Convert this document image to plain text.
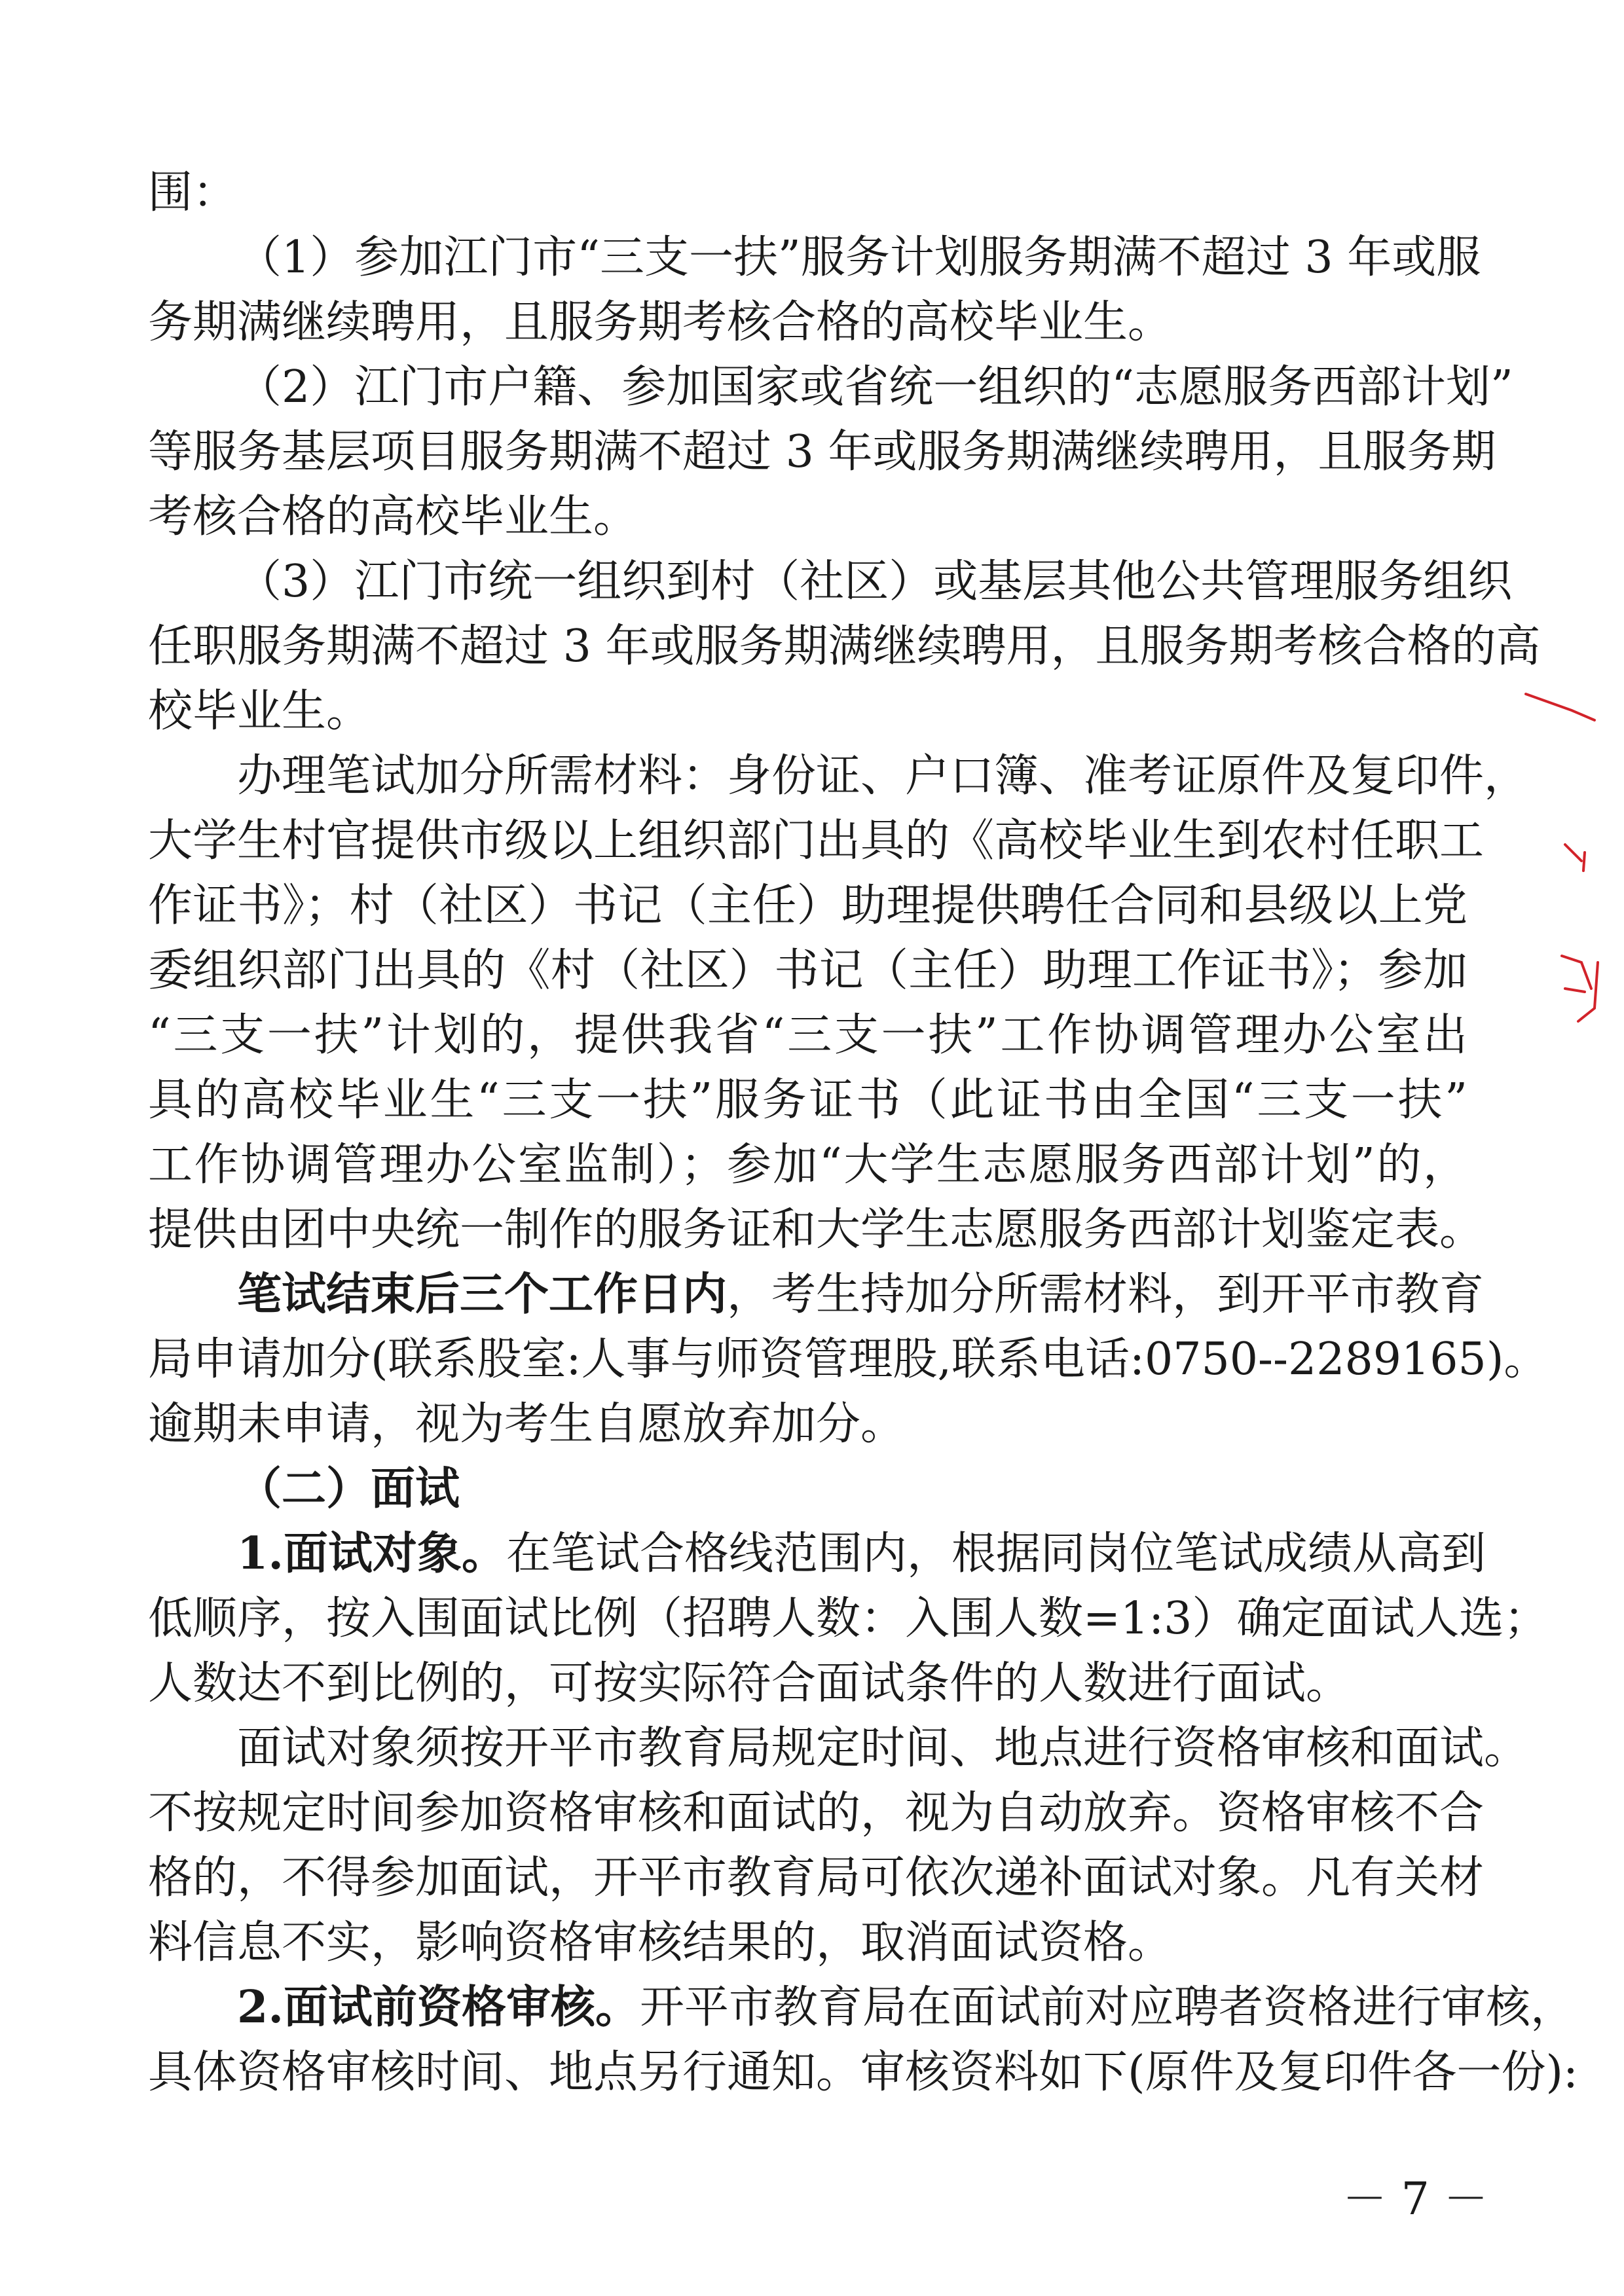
围：
（1）参加江门市“三支一扶”服务计划服务期满不超过 3 年或服
务期满继续聘用，且服务期考核合格的高校毕业生。
（2）江门市户籍、参加国家或省统一组织的“志愿服务西部计划”
等服务基层项目服务期满不超过 3 年或服务期满继续聘用，且服务期
考核合格的高校毕业生。
（3）江门市统一组织到村（社区）或基层其他公共管理服务组织
任职服务期满不超过 3 年或服务期满继续聘用，且服务期考核合格的高
校毕业生。
办理笔试加分所需材料：身份证、户口簿、准考证原件及复印件，
大学生村官提供市级以上组织部门出具的《高校毕业生到农村任职工
作证书》；村（社区）书记（主任）助理提供聘任合同和县级以上党
委组织部门出具的《村（社区）书记（主任）助理工作证书》；参加
“三支一扶”计划的，提供我省“三支一扶”工作协调管理办公室出
具的高校毕业生“三支一扶”服务证书（此证书由全国“三支一扶”
工作协调管理办公室监制）；参加“大学生志愿服务西部计划”的，
提供由团中央统一制作的服务证和大学生志愿服务西部计划鉴定表。
笔试结束后三个工作日内，考生持加分所需材料，到开平市教育
局申请加分(联系股室:人事与师资管理股,联系电话:0750--2289165)。
逾期未申请，视为考生自愿放弃加分。
（二）面试
1.面试对象。在笔试合格线范围内，根据同岗位笔试成绩从高到
低顺序，按入围面试比例（招聘人数：入围人数=1:3）确定面试人选；
人数达不到比例的，可按实际符合面试条件的人数进行面试。
面试对象须按开平市教育局规定时间、地点进行资格审核和面试。
不按规定时间参加资格审核和面试的，视为自动放弃。资格审核不合
格的，不得参加面试，开平市教育局可依次递补面试对象。凡有关材
料信息不实，影响资格审核结果的，取消面试资格。
2.面试前资格审核。开平市教育局在面试前对应聘者资格进行审核，
具体资格审核时间、地点另行通知。审核资料如下(原件及复印件各一份):
－ 7 －
